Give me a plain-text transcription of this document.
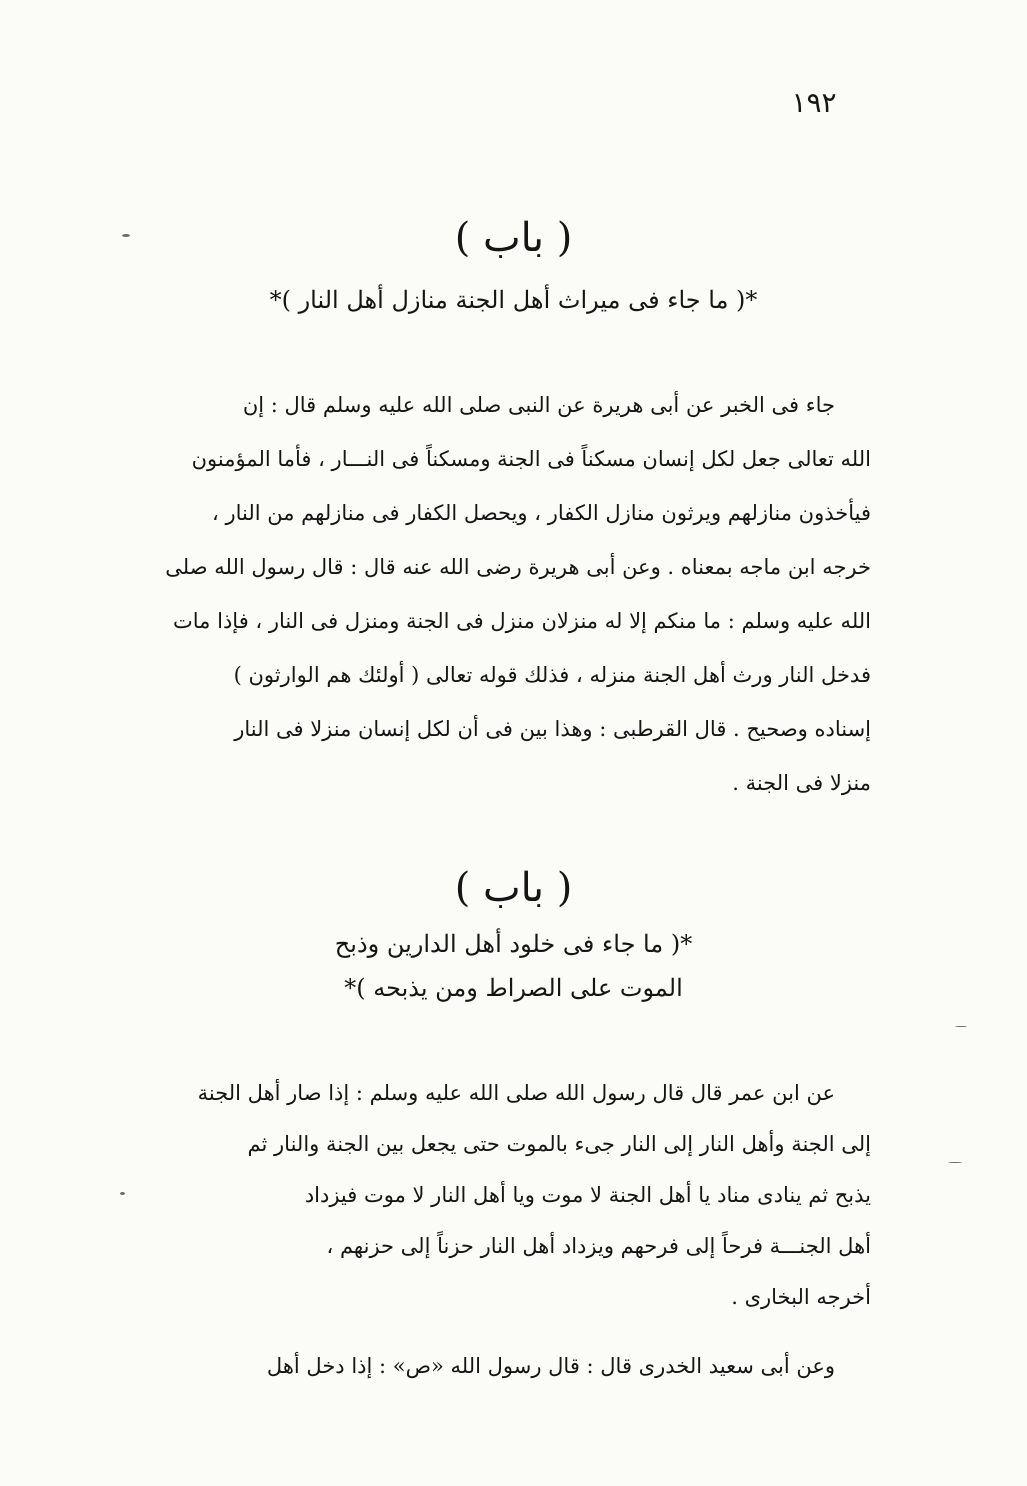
١٩٢
( باب )
*( ما جاء فى ميراث أهل الجنة منازل أهل النار )*
جاء فى الخبر عن أبى هريرة عن النبى صلى الله عليه وسلم قال : إن
الله تعالى جعل لكل إنسان مسكناً فى الجنة ومسكناً فى النـــار ، فأما المؤمنون
فيأخذون منازلهم ويرثون منازل الكفار ، ويحصل الكفار فى منازلهم من النار ،
خرجه ابن ماجه بمعناه . وعن أبى هريرة رضى الله عنه قال : قال رسول الله صلى
الله عليه وسلم : ما منكم إلا له منزلان منزل فى الجنة ومنزل فى النار ، فإذا مات
فدخل النار ورث أهل الجنة منزله ، فذلك قوله تعالى ( أولئك هم الوارثون )
إسناده وصحيح . قال القرطبى : وهذا بين فى أن لكل إنسان منزلا فى النار
منزلا فى الجنة .
( باب )
*( ما جاء فى خلود أهل الدارين وذبح
الموت على الصراط ومن يذبحه )*
عن ابن عمر قال قال رسول الله صلى الله عليه وسلم : إذا صار أهل الجنة
إلى الجنة وأهل النار إلى النار جىء بالموت حتى يجعل بين الجنة والنار ثم
يذبح ثم ينادى مناد يا أهل الجنة لا موت ويا أهل النار لا موت فيزداد
أهل الجنـــة فرحاً إلى فرحهم ويزداد أهل النار حزناً إلى حزنهم ،
أخرجه البخارى .
وعن أبى سعيد الخدرى قال : قال رسول الله «ص» : إذا دخل أهل
